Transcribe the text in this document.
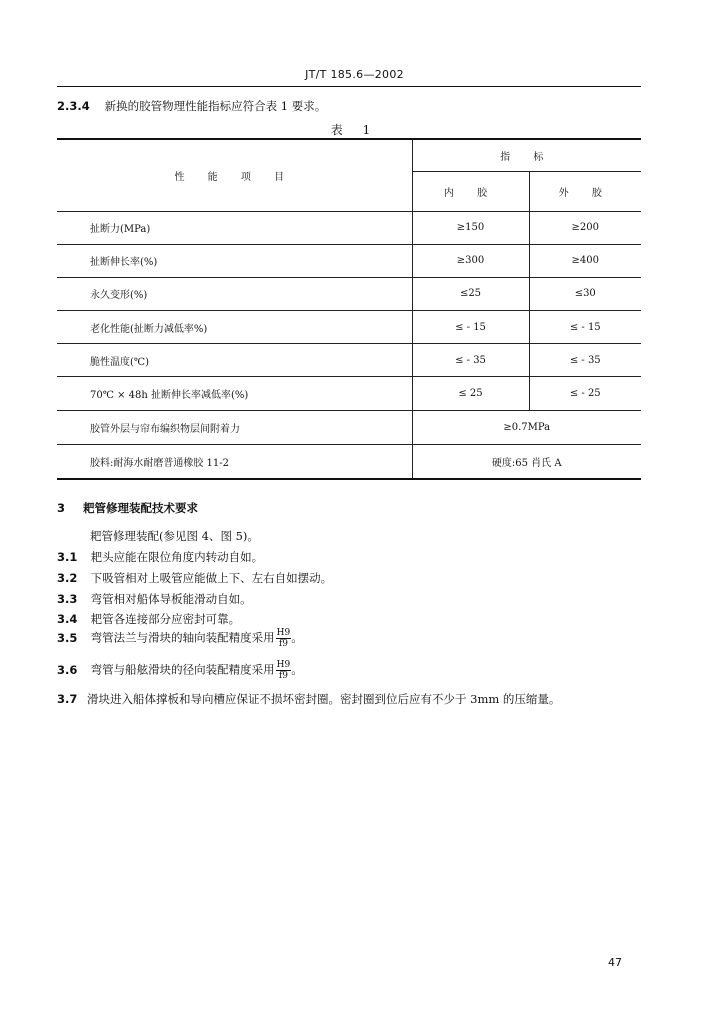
JT/T 185.6—2002
2.3.4 新换的胶管物理性能指标应符合表 1 要求。
表 1
性 能 项 目	指 标	
	内 胶	外 胶
扯断力(MPa)	≥150	≥200
扯断伸长率(%)	≥300	≥400
永久变形(%)	≤25	≤30
老化性能(扯断力减低率%)	≤ - 15	≤ - 15
脆性温度(℃)	≤ - 35	≤ - 35
70℃ × 48h 扯断伸长率减低率(%)	≤ 25	≤ - 25
胶管外层与帘布编织物层间附着力	≥0.7MPa	
胶料:耐海水耐磨普通橡胶 11-2	硬度:65 肖氏 A	
3 耙管修理装配技术要求
耙管修理装配(参见图 4、图 5)。
3.1 耙头应能在限位角度内转动自如。
3.2 下吸管相对上吸管应能做上下、左右自如摆动。
3.3 弯管相对船体导板能滑动自如。
3.4 耙管各连接部分应密封可靠。
3.5 弯管法兰与滑块的轴向装配精度采用 $\frac{H9}{f9}$ 。
3.6 弯管与船舷滑块的径向装配精度采用 $\frac{H9}{f9}$ 。
3.7 滑块进入船体撑板和导向槽应保证不损坏密封圈。密封圈到位后应有不少于 3mm 的压缩量。
47
